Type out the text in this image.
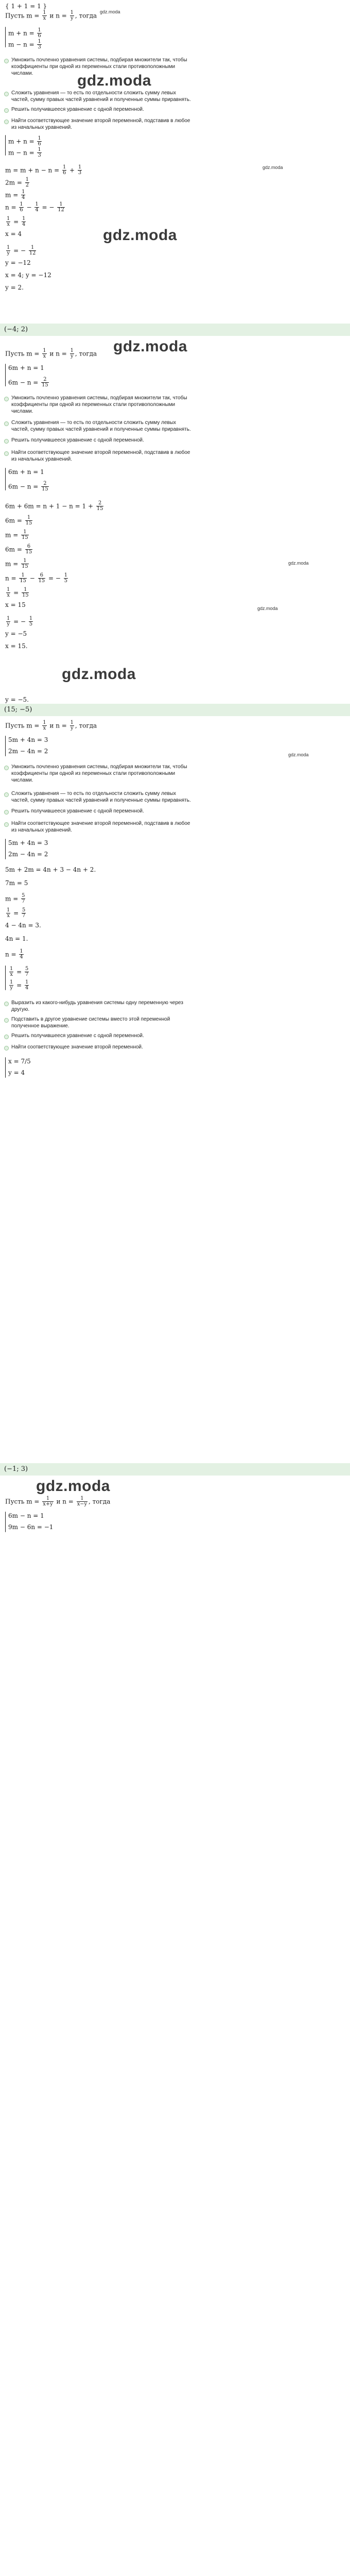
{ 1 + 1 = 1 }
Пусть $m = \frac{1}{x}$ и $n = \frac{1}{y}$ , тогда
gdz.moda
$m + n = \frac{1}{6}$
$m - n = \frac{1}{3}$
Умножить почленно уравнения системы, подбирая множители так, чтобы
коэффициенты при одной из переменных стали противоположными
числами.	gdz.moda
Сложить уравнения — то есть по отдельности сложить сумму левых
частей, сумму правых частей уравнений и полученные суммы приравнять.
Решить получившееся уравнение с одной переменной.
Найти соответствующее значение второй переменной, подставив в любое
из начальных уравнений.
$m + n = \frac{1}{6}$
$m - n = \frac{1}{3}$
$m = m + n - n = \frac{1}{6} + \frac{1}{3}$	gdz.moda
$2m = \frac{1}{2}$
$m = \frac{1}{4}$
$n = \frac{1}{6} - \frac{1}{4}$ = − $\frac{1}{12}$
$\frac{1}{x} = \frac{1}{4}$
x = 4	gdz.moda
$\frac{1}{y}$ = − $\frac{1}{12}$
y = −12
x = 4; y = −12
y = 2.
(−4; 2)
gdz.moda
Пусть $m = \frac{1}{x}$ и $n = \frac{1}{y}$ , тогда
6m + n = 1
$6m - n = \frac{2}{15}$
Умножить почленно уравнения системы, подбирая множители так, чтобы
коэффициенты при одной из переменных стали противоположными
числами.
Сложить уравнения — то есть по отдельности сложить сумму левых
частей, сумму правых частей уравнений и полученные суммы приравнять.
Решить получившееся уравнение с одной переменной.
Найти соответствующее значение второй переменной, подставив в любое
из начальных уравнений.
6m + n = 1
$6m - n = \frac{2}{15}$
$6m + 6m = n + 1 - n = 1 + \frac{2}{15}$
$6m = \frac{1}{15}$
$m = \frac{1}{15}$
$6m = \frac{6}{15}$
$m = \frac{1}{15}$	gdz.moda
$n = \frac{1}{15} - \frac{6}{15}$ = − $\frac{1}{5}$
$\frac{1}{x} = \frac{1}{15}$
x = 15	gdz.moda
$\frac{1}{y}$ = − $\frac{1}{5}$
y = −5
x = 15.
gdz.moda
y = −5.
(15; −5)
Пусть $m = \frac{1}{x}$ и $n = \frac{1}{y}$ , тогда
5m + 4n = 3
2m − 4n = 2	gdz.moda
Умножить почленно уравнения системы, подбирая множители так, чтобы
коэффициенты при одной из переменных стали противоположными
числами.
Сложить уравнения — то есть по отдельности сложить сумму левых
частей, сумму правых частей уравнений и полученные суммы приравнять.
Решить получившееся уравнение с одной переменной.
Найти соответствующее значение второй переменной, подставив в любое
из начальных уравнений.
5m + 4n = 3
2m − 4n = 2
5m + 2m = 4n + 3 − 4n + 2.
7m = 5
$m = \frac{5}{7}$
$\frac{1}{x} = \frac{5}{7}$
4 − 4n = 3.
4n = 1.
$n = \frac{1}{4}$
$\frac{1}{x} = \frac{5}{7}$
$\frac{1}{y} = \frac{1}{4}$
Выразить из какого-нибудь уравнения системы одну переменную через
другую.
Подставить в другое уравнение системы вместо этой переменной
полученное выражение.
Решить получившееся уравнение с одной переменной.
Найти соответствующее значение второй переменной.
x = 7/5
y = 4
(−1; 3)
gdz.moda
Пусть $m = \frac{1}{x+y}$ и $n = \frac{1}{x-y}$ , тогда
6m − n = 1
9m − 6n = −1
